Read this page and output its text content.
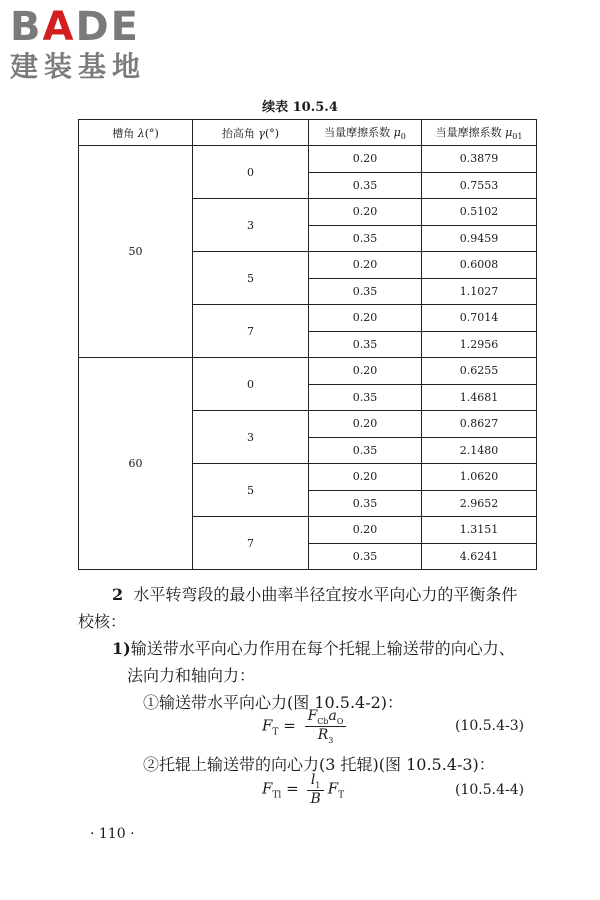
BADE
建装基地
续表 10.5.4
槽角 λ(°)	抬高角 γ(°)	当量摩擦系数 $\mu_0$	当量摩擦系数 $\mu_{01}$
50	0	0.20	0.3879
		0.35	0.7553
	3	0.20	0.5102
		0.35	0.9459
	5	0.20	0.6008
		0.35	1.1027
	7	0.20	0.7014
		0.35	1.2956
60	0	0.20	0.6255
		0.35	1.4681
	3	0.20	0.8627
		0.35	2.1480
	5	0.20	1.0620
		0.35	2.9652
	7	0.20	1.3151
		0.35	4.6241
2 水平转弯段的最小曲率半径宜按水平向心力的平衡条件
校核：
1)输送带水平向心力作用在每个托辊上输送带的向心力、
法向力和轴向力：
①输送带水平向心力(图 10.5.4-2)：
②托辊上输送带的向心力(3 托辊)(图 10.5.4-3)：
$F_T = \frac{F_{Cb}a_O}{R_3}$	(10.5.4-3)
$F_{Tl} = \frac{l_1}{B} F_T$	(10.5.4-4)
· 110 ·
